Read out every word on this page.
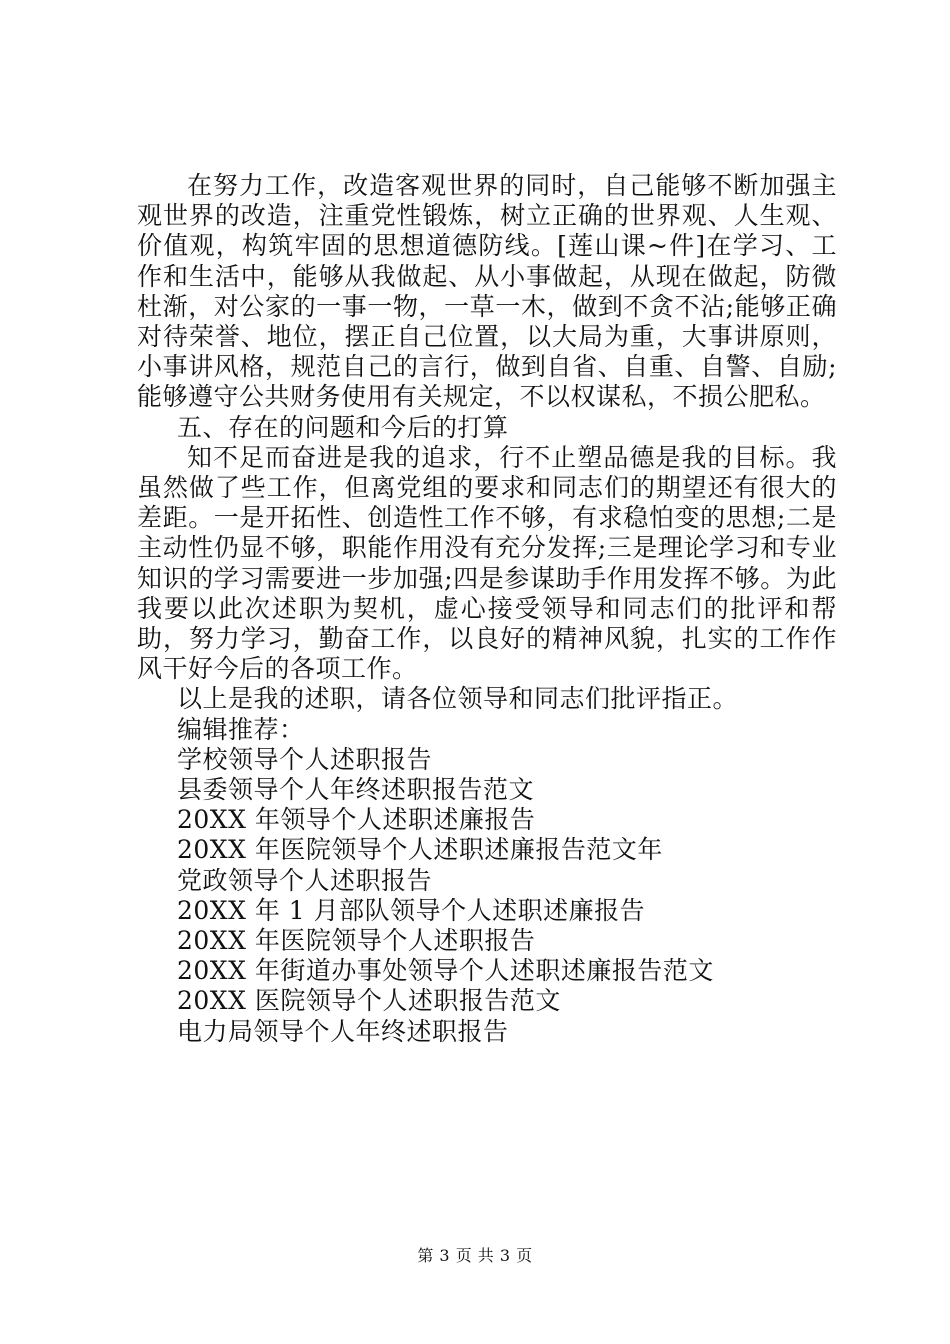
在努力工作，改造客观世界的同时，自己能够不断加强主观世界的改造，注重党性锻炼，树立正确的世界观、人生观、价值观，构筑牢固的思想道德防线。[莲山课~件]在学习、工作和生活中，能够从我做起、从小事做起，从现在做起，防微杜渐，对公家的一事一物，一草一木，做到不贪不沾;能够正确对待荣誉、地位，摆正自己位置，以大局为重，大事讲原则，小事讲风格，规范自己的言行，做到自省、自重、自警、自励;能够遵守公共财务使用有关规定，不以权谋私，不损公肥私。

五、存在的问题和今后的打算

知不足而奋进是我的追求，行不止塑品德是我的目标。我虽然做了些工作，但离党组的要求和同志们的期望还有很大的差距。一是开拓性、创造性工作不够，有求稳怕变的思想;二是主动性仍显不够，职能作用没有充分发挥;三是理论学习和专业知识的学习需要进一步加强;四是参谋助手作用发挥不够。为此我要以此次述职为契机，虚心接受领导和同志们的批评和帮助，努力学习，勤奋工作，以良好的精神风貌，扎实的工作作风干好今后的各项工作。

以上是我的述职，请各位领导和同志们批评指正。

编辑推荐：

学校领导个人述职报告

县委领导个人年终述职报告范文

20XX 年领导个人述职述廉报告

20XX 年医院领导个人述职述廉报告范文年

党政领导个人述职报告

20XX 年 1 月部队领导个人述职述廉报告

20XX 年医院领导个人述职报告

20XX 年街道办事处领导个人述职述廉报告范文

20XX 医院领导个人述职报告范文

电力局领导个人年终述职报告

第 3 页 共 3 页
